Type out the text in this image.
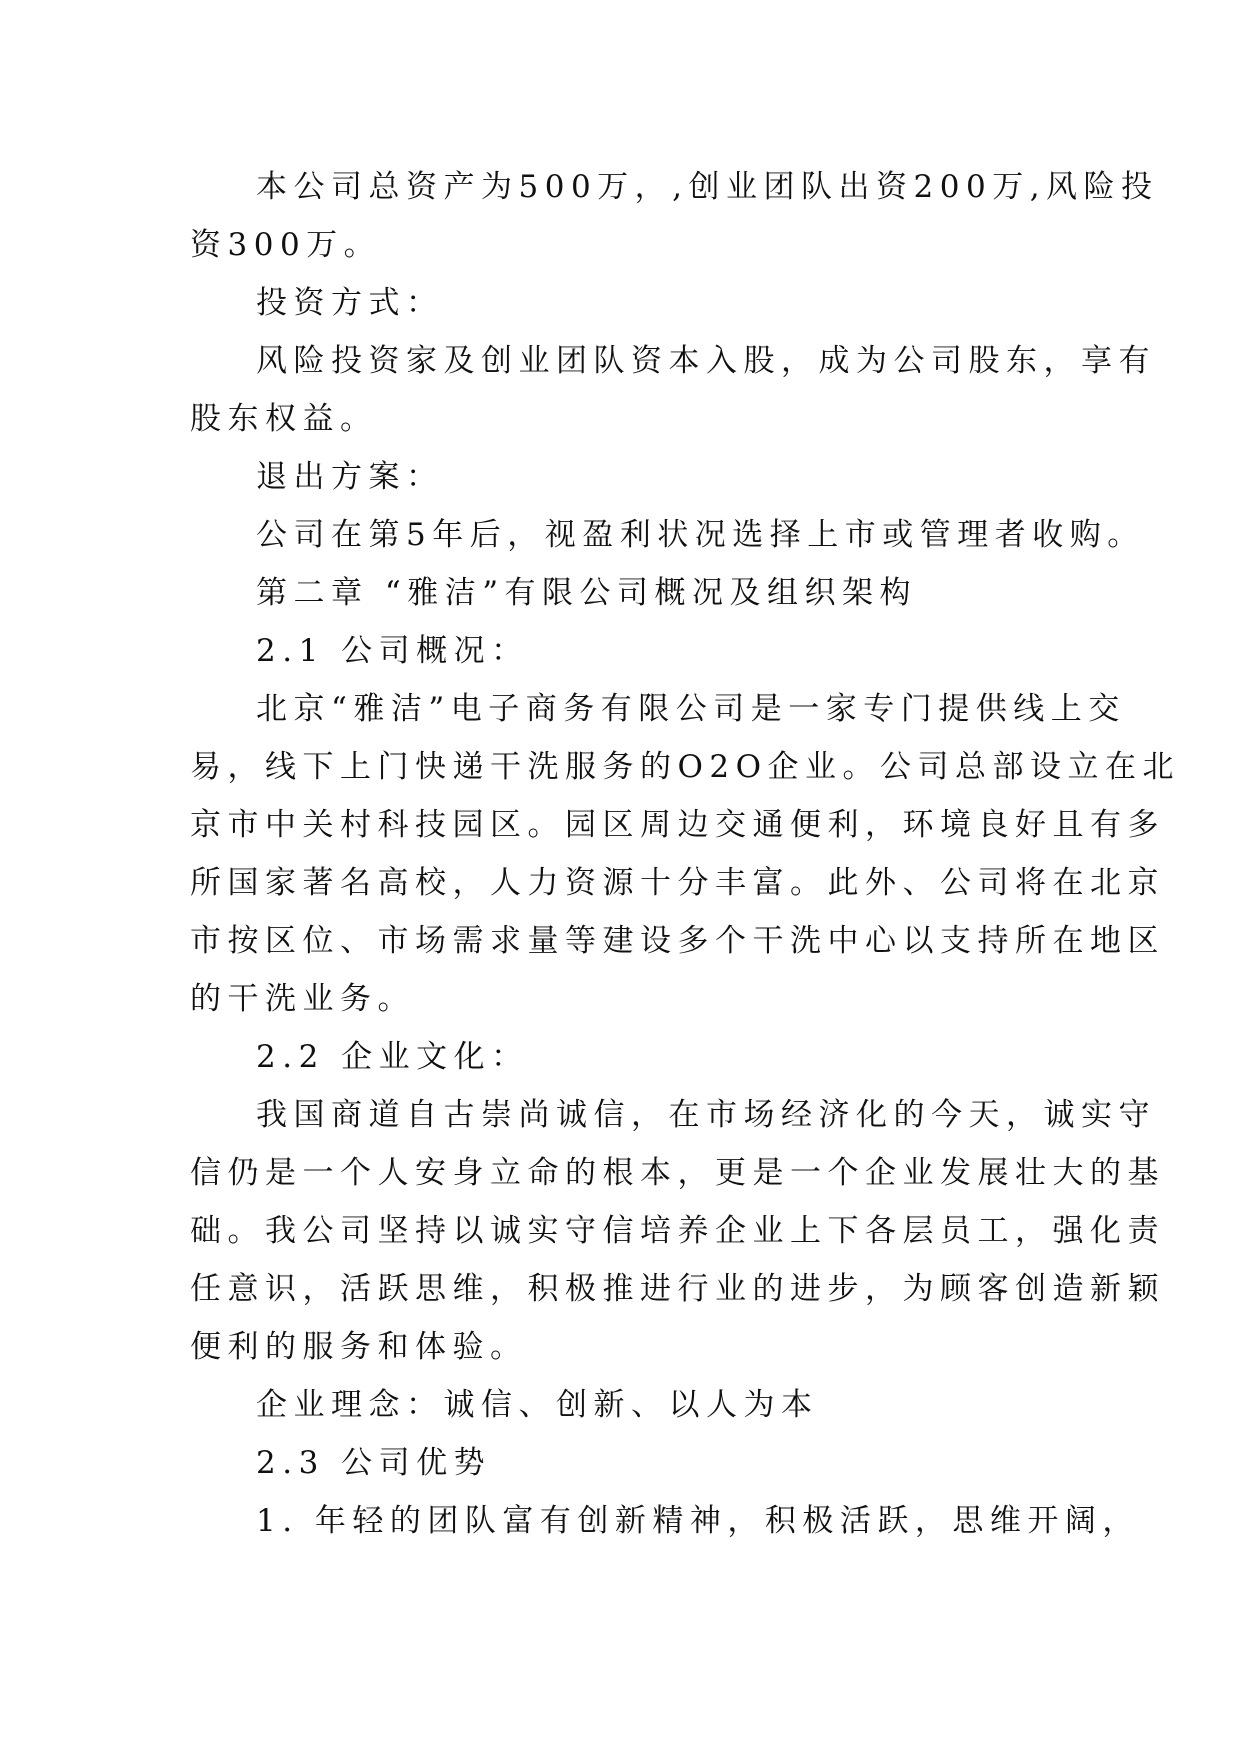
本公司总资产为500万，,创业团队出资200万,风险投
资300万。
投资方式：
风险投资家及创业团队资本入股，成为公司股东，享有
股东权益。
退出方案：
公司在第5年后，视盈利状况选择上市或管理者收购。
第二章 “雅洁”有限公司概况及组织架构
2.1 公司概况：
北京“雅洁”电子商务有限公司是一家专门提供线上交
易，线下上门快递干洗服务的O2O企业。公司总部设立在北
京市中关村科技园区。园区周边交通便利，环境良好且有多
所国家著名高校，人力资源十分丰富。此外、公司将在北京
市按区位、市场需求量等建设多个干洗中心以支持所在地区
的干洗业务。
2.2 企业文化：
我国商道自古崇尚诚信，在市场经济化的今天，诚实守
信仍是一个人安身立命的根本，更是一个企业发展壮大的基
础。我公司坚持以诚实守信培养企业上下各层员工，强化责
任意识，活跃思维，积极推进行业的进步，为顾客创造新颖
便利的服务和体验。
企业理念：诚信、创新、以人为本
2.3 公司优势
1. 年轻的团队富有创新精神，积极活跃，思维开阔，
